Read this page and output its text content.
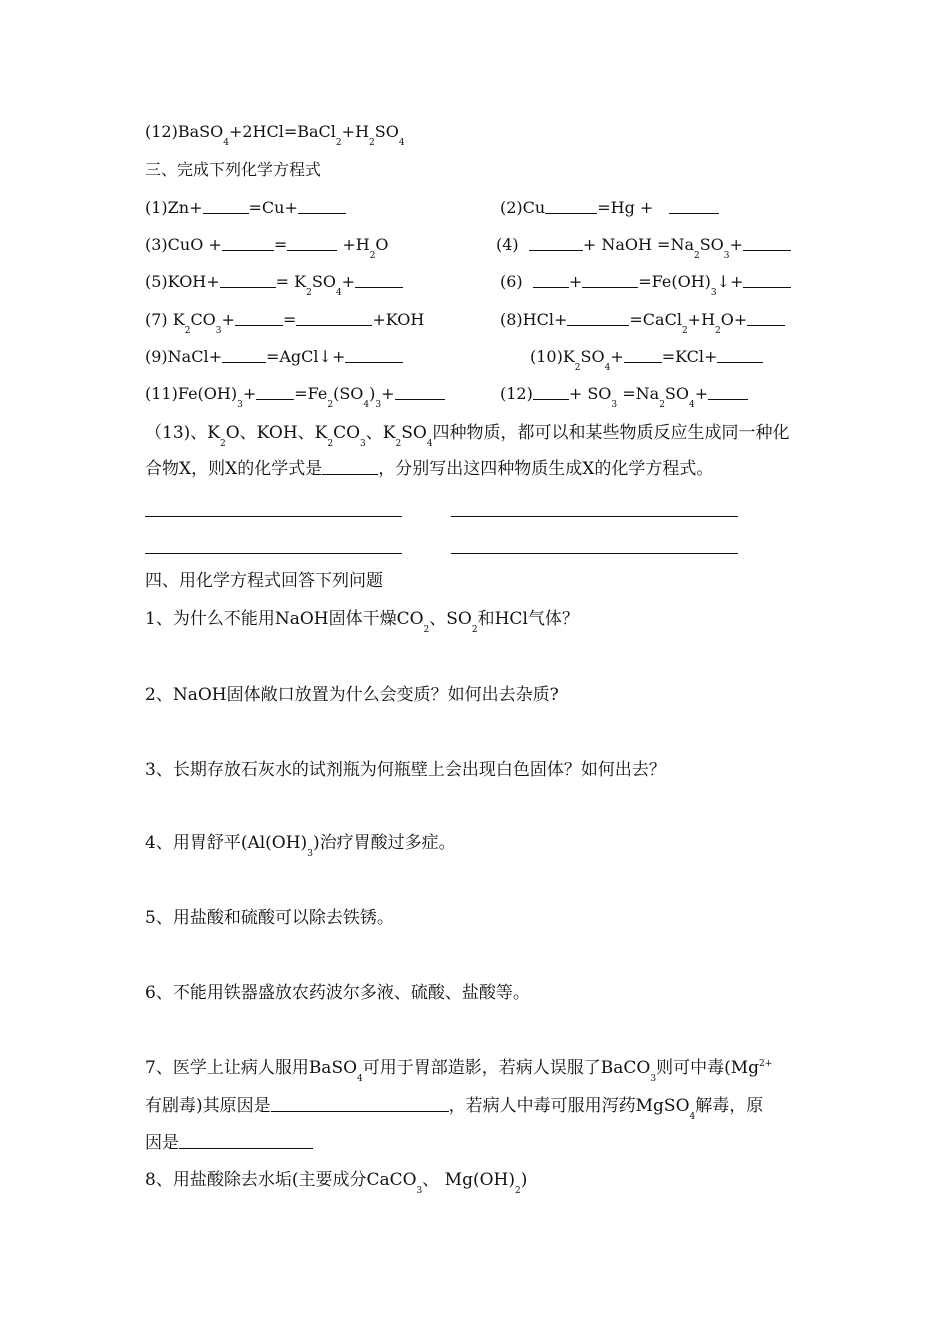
$(12)BaSO_4+2HCl=BaCl_2+H_2SO_4$
三、完成下列化学方程式
(1)Zn+	=Cu+	(2)Cu	=Hg +
(3)CuO +	=	$+H_2O$	(4)	+ NaOH $=Na_2SO_3+$
(5)KOH+	= $K_2SO_4+$	(6)  +	$=Fe(OH)_3↓+$
(7) $K_2CO_3+$	=	+KOH	(8)HCl+	$=CaCl_2+H_2O+$
(9)NaCl+	=AgCl↓+	$(10)K_2SO_4+ =KCl+$
$(11)Fe(OH)_3+ =Fe_2(SO_4)_3+$	$(12) + SO_3 =Na_2SO_4+$
（13)、$K_2O$、KOH、$K_2CO_3$、$K_2SO_4$四种物质，都可以和某些物质反应生成同一种化
合物X，则X的化学式是	，分别写出这四种物质生成X的化学方程式。
四、用化学方程式回答下列问题
1、为什么不能用NaOH固体干燥$CO_2$、$SO_2$和HCl气体？
2、NaOH固体敞口放置为什么会变质？如何出去杂质?
3、长期存放石灰水的试剂瓶为何瓶壁上会出现白色固体？如何出去？
4、用胃舒平$(Al(OH)_3)$治疗胃酸过多症。
5、用盐酸和硫酸可以除去铁锈。
6、不能用铁器盛放农药波尔多液、硫酸、盐酸等。
7、医学上让病人服用BaSO$_4$可用于胃部造影，若病人误服了BaCO$_3$则可中毒($Mg^{2+}$
有剧毒)其原因是	，若病人中毒可服用泻药MgSO$_4$解毒，原
因是
8、用盐酸除去水垢(主要成分CaCO$_3$、 $Mg(OH)_2$)
